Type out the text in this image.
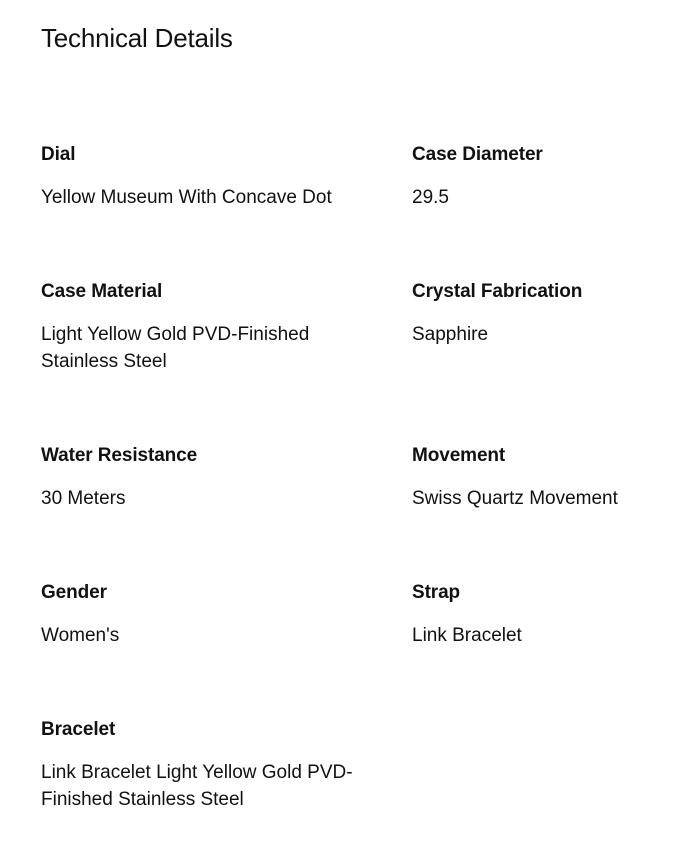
Technical Details
Dial
Yellow Museum With Concave Dot
Case Diameter
29.5
Case Material
Light Yellow Gold PVD-Finished Stainless Steel
Crystal Fabrication
Sapphire
Water Resistance
30 Meters
Movement
Swiss Quartz Movement
Gender
Women's
Strap
Link Bracelet
Bracelet
Link Bracelet Light Yellow Gold PVD-Finished Stainless Steel
